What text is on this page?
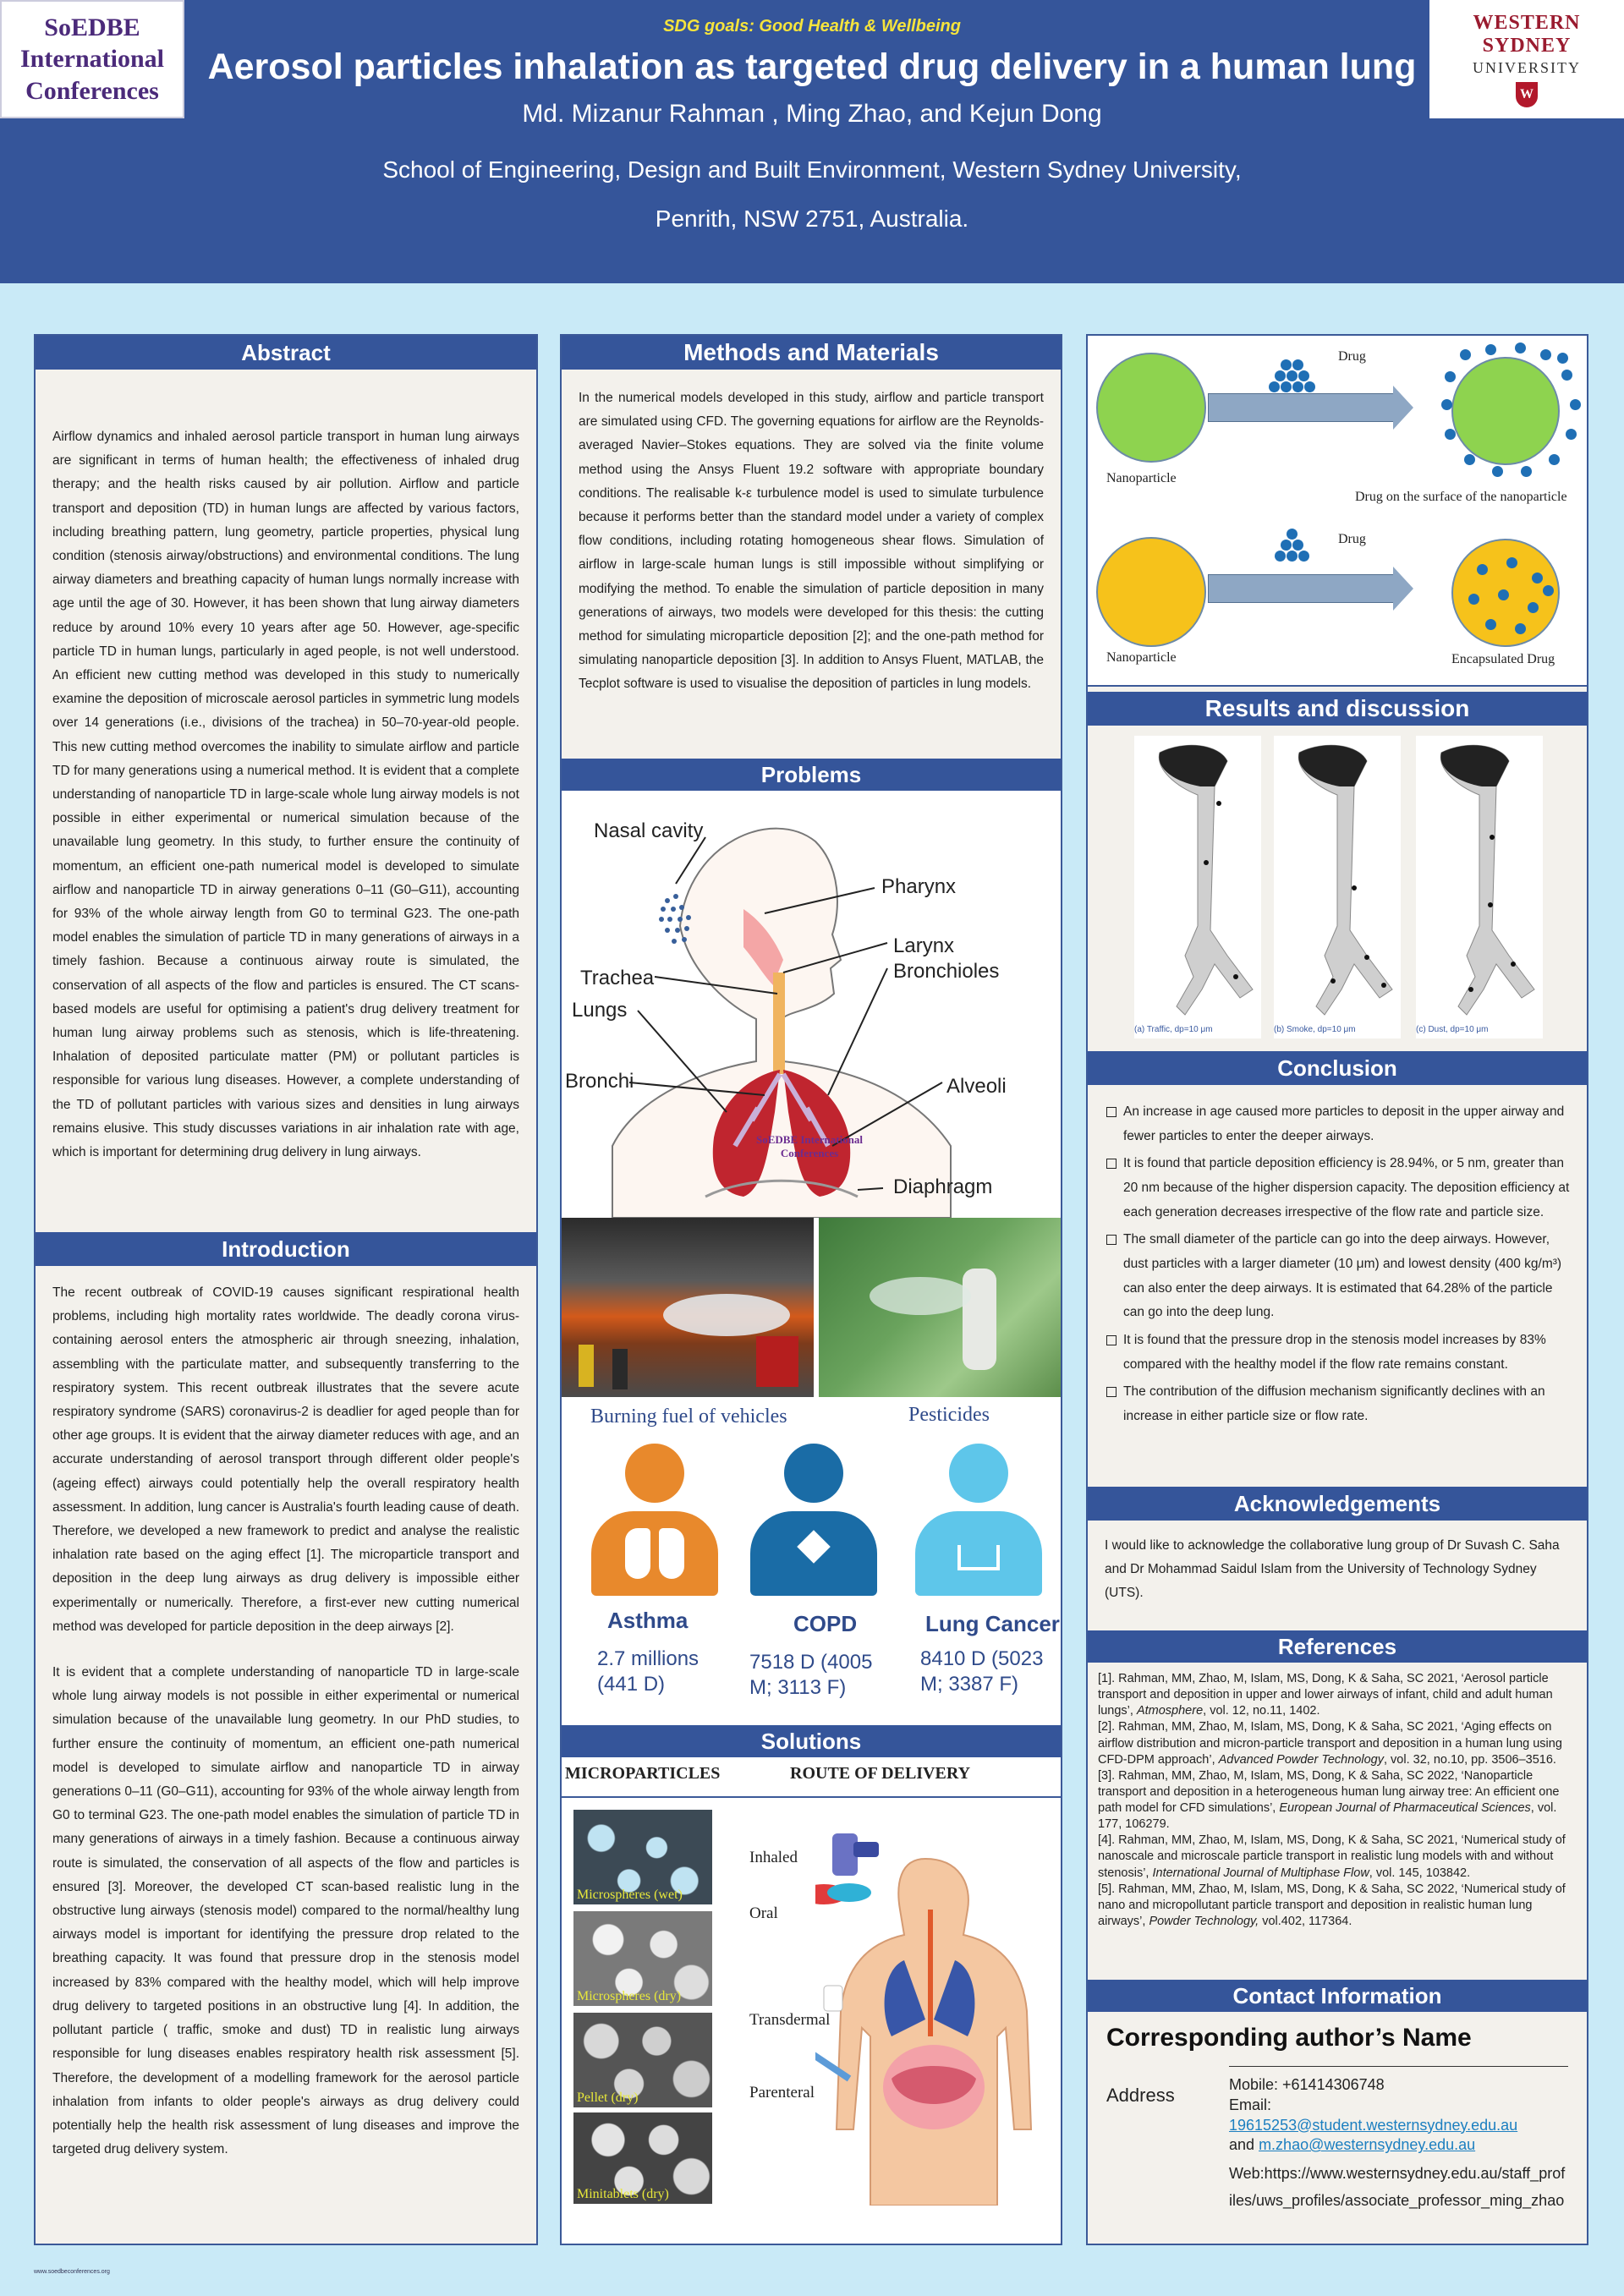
SoEDBE International
Conferences
SDG goals: Good Health & Wellbeing
Aerosol particles inhalation as targeted drug delivery in a human lung
Md. Mizanur Rahman , Ming Zhao, and Kejun Dong
School of Engineering, Design and Built Environment, Western Sydney University,
Penrith, NSW 2751, Australia.
WESTERN SYDNEY
UNIVERSITY
W
Abstract
Airflow dynamics and inhaled aerosol particle transport in human lung airways are significant in terms of human health; the effectiveness of inhaled drug therapy; and the health risks caused by air pollution. Airflow and particle transport and deposition (TD) in human lungs are affected by various factors, including breathing pattern, lung geometry, particle properties, physical lung condition (stenosis airway/obstructions) and environmental conditions. The lung airway diameters and breathing capacity of human lungs normally increase with age until the age of 30. However, it has been shown that lung airway diameters reduce by around 10% every 10 years after age 50. However, age-specific particle TD in human lungs, particularly in aged people, is not well understood. An efficient new cutting method was developed in this study to numerically examine the deposition of microscale aerosol particles in symmetric lung models over 14 generations (i.e., divisions of the trachea) in 50–70-year-old people. This new cutting method overcomes the inability to simulate airflow and particle TD for many generations using a numerical method. It is evident that a complete understanding of nanoparticle TD in large-scale whole lung airway models is not possible in either experimental or numerical simulation because of the unavailable lung geometry. In this study, to further ensure the continuity of momentum, an efficient one-path numerical model is developed to simulate airflow and nanoparticle TD in airway generations 0–11 (G0–G11), accounting for 93% of the whole airway length from G0 to terminal G23. The one-path model enables the simulation of particle TD in many generations of airways in a timely fashion. Because a continuous airway route is simulated, the conservation of all aspects of the flow and particles is ensured. The CT scans-based models are useful for optimising a patient's drug delivery treatment for human lung airway problems such as stenosis, which is life-threatening. Inhalation of deposited particulate matter (PM) or pollutant particles is responsible for various lung diseases. However, a complete understanding of the TD of pollutant particles with various sizes and densities in lung airways remains elusive. This study discusses variations in air inhalation rate with age, which is important for determining drug delivery in lung airways.
Introduction

The recent outbreak of COVID-19 causes significant respirational health problems, including high mortality rates worldwide. The deadly corona virus-containing aerosol enters the atmospheric air through sneezing, inhalation, assembling with the particulate matter, and subsequently transferring to the respiratory system. This recent outbreak illustrates that the severe acute respiratory syndrome (SARS) coronavirus-2 is deadlier for aged people than for other age groups. It is evident that the airway diameter reduces with age, and an accurate understanding of aerosol transport through different older people's (ageing effect) airways could potentially help the overall respiratory health assessment. In addition, lung cancer is Australia's fourth leading cause of death. Therefore, we developed a new framework to predict and analyse the realistic inhalation rate based on the aging effect [1]. The microparticle transport and deposition in the deep lung airways as drug delivery is impossible either experimentally or numerically. Therefore, a first-ever new cutting numerical method was developed for particle deposition in the deep airways [2].

It is evident that a complete understanding of nanoparticle TD in large-scale whole lung airway models is not possible in either experimental or numerical simulation because of the unavailable lung geometry. In our PhD studies, to further ensure the continuity of momentum, an efficient one-path numerical model is developed to simulate airflow and nanoparticle TD in airway generations 0–11 (G0–G11), accounting for 93% of the whole airway length from G0 to terminal G23. The one-path model enables the simulation of particle TD in many generations of airways in a timely fashion. Because a continuous airway route is simulated, the conservation of all aspects of the flow and particles is ensured [3]. Moreover, the developed CT scan-based realistic lung in the obstructive lung airways (stenosis model) compared to the normal/healthy lung airways model is important for identifying the pressure drop related to the breathing capacity. It was found that pressure drop in the stenosis model increased by 83% compared with the healthy model, which will help improve drug delivery to targeted positions in an obstructive lung [4]. In addition, the pollutant particle ( traffic, smoke and dust) TD in realistic lung airways responsible for lung diseases enables respiratory health risk assessment [5]. Therefore, the development of a modelling framework for the aerosol particle inhalation from infants to older people's airways as drug delivery could potentially help the health risk assessment of lung diseases and improve the targeted drug delivery system.

Methods and Materials
In the numerical models developed in this study, airflow and particle transport are simulated using CFD. The governing equations for airflow are the Reynolds-averaged Navier–Stokes equations. They are solved via the finite volume method using the Ansys Fluent 19.2 software with appropriate boundary conditions. The realisable k-ε turbulence model is used to simulate turbulence because it performs better than the standard model under a variety of complex flow conditions, including rotating homogeneous shear flows. Simulation of airflow in large-scale human lungs is still impossible without simplifying or modifying the method. To enable the simulation of particle deposition in many generations of airways, two models were developed for this thesis: the cutting method for simulating microparticle deposition [2]; and the one-path method for simulating nanoparticle deposition [3]. In addition to Ansys Fluent, MATLAB, the Tecplot software is used to visualise the deposition of particles in lung models.
Problems
Nasal cavity
Pharynx
Larynx
Bronchioles
Trachea
Lungs
Bronchi	Alveoli
Diaphragm
SoEDBE International
Conferences
Burning fuel of vehicles	Pesticides
Asthma	COPD	Lung Cancer
2.7 millions (441 D)
7518 D (4005 M; 3113 F)
8410 D (5023 M; 3387 F)
Solutions
MICROPARTICLES	ROUTE OF DELIVERY
Microspheres (wet)
Microspheres (dry)
Pellet (dry)
Minitablets (dry)
Inhaled
Oral
Transdermal
Parenteral
Drug
Nanoparticle
Drug on the surface of the nanoparticle
Drug
Nanoparticle	Encapsulated Drug
Results and discussion
(a) Traffic, dp=10 μm	(b) Smoke, dp=10 μm	(c) Dust, dp=10 μm
Conclusion
An increase in age caused more particles to deposit in the upper airway and fewer particles to enter the deeper airways.
It is found that particle deposition efficiency is 28.94%, or 5 nm, greater than 20 nm because of the higher dispersion capacity. The deposition efficiency at each generation decreases irrespective of the flow rate and particle size.
The small diameter of the particle can go into the deep airways. However, dust particles with a larger diameter (10 μm) and lowest density (400 kg/m³) can also enter the deep airways. It is estimated that 64.28% of the particle can go into the deep lung.
It is found that the pressure drop in the stenosis model increases by 83% compared with the healthy model if the flow rate remains constant.
The contribution of the diffusion mechanism significantly declines with an increase in either particle size or flow rate.
Acknowledgements
I would like to acknowledge the collaborative lung group of Dr Suvash C. Saha and Dr Mohammad Saidul Islam from the University of Technology Sydney (UTS).
References

[1]. Rahman, MM, Zhao, M, Islam, MS, Dong, K & Saha, SC 2021, ‘Aerosol particle transport and deposition in upper and lower airways of infant, child and adult human lungs’, Atmosphere, vol. 12, no.11, 1402.

[2]. Rahman, MM, Zhao, M, Islam, MS, Dong, K & Saha, SC 2021, ‘Aging effects on airflow distribution and micron-particle transport and deposition in a human lung using CFD-DPM approach’, Advanced Powder Technology, vol. 32, no.10, pp. 3506–3516.

[3]. Rahman, MM, Zhao, M, Islam, MS, Dong, K & Saha, SC 2022, ‘Nanoparticle transport and deposition in a heterogeneous human lung airway tree: An efficient one path model for CFD simulations’, European Journal of Pharmaceutical Sciences, vol. 177, 106279.

[4]. Rahman, MM, Zhao, M, Islam, MS, Dong, K & Saha, SC 2021, ‘Numerical study of nanoscale and microscale particle transport in realistic lung models with and without stenosis’, International Journal of Multiphase Flow, vol. 145, 103842.

[5]. Rahman, MM, Zhao, M, Islam, MS, Dong, K & Saha, SC 2022, ‘Numerical study of nano and micropollutant particle transport and deposition in realistic human lung airways’, Powder Technology, vol.402, 117364.

Contact Information
Corresponding author’s Name
Address	Mobile: +61414306748
Email:
19615253@student.westernsydney.edu.au
and m.zhao@westernsydney.edu.au
Web:https://www.westernsydney.edu.au/staff_profiles/uws_profiles/associate_professor_ming_zhao
www.soedbeconferences.org
